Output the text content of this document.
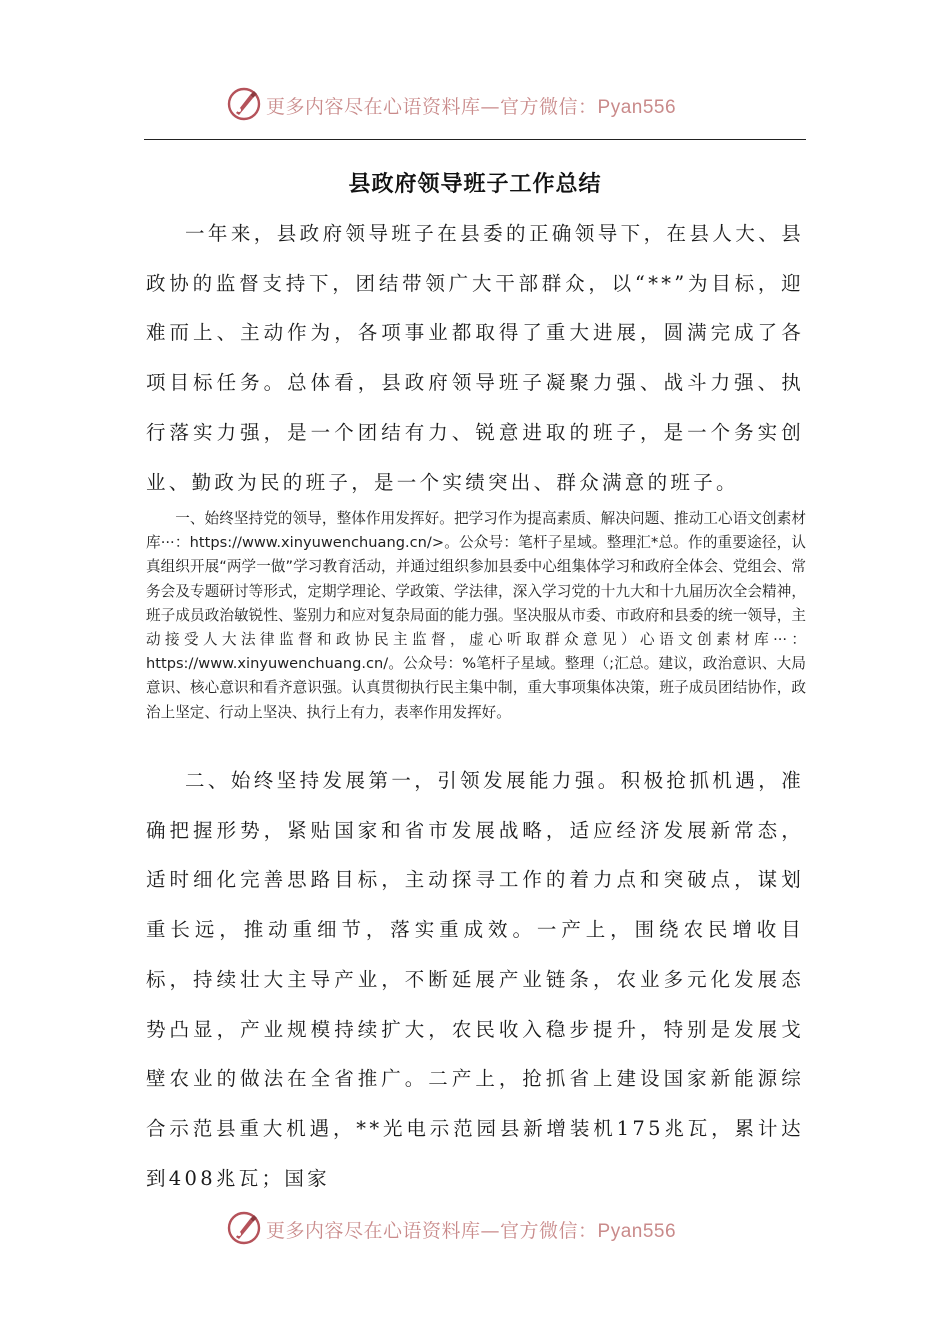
更多内容尽在心语资料库—官方微信：Pyan556
县政府领导班子工作总结

一年来，县政府领导班子在县委的正确领导下，在县人大、县政协的监督支持下，团结带领广大干部群众，以“**”为目标，迎难而上、主动作为，各项事业都取得了重大进展，圆满完成了各项目标任务。总体看，县政府领导班子凝聚力强、战斗力强、执行落实力强，是一个团结有力、锐意进取的班子，是一个务实创业、勤政为民的班子，是一个实绩突出、群众满意的班子。

一、始终坚持党的领导，整体作用发挥好。把学习作为提高素质、解决问题、推动工心语文创素材库···：https://www.xinyuwenchuang.cn/>。公众号：笔杆子星域。整理汇*总。作的重要途径，认真组织开展“两学一做”学习教育活动，并通过组织参加县委中心组集体学习和政府全体会、党组会、常务会及专题研讨等形式，定期学理论、学政策、学法律，深入学习党的十九大和十九届历次全会精神，班子成员政治敏锐性、鉴别力和应对复杂局面的能力强。坚决服从市委、市政府和县委的统一领导，主动接受人大法律监督和政协民主监督，虚心听取群众意见）心语文创素材库···：https://www.xinyuwenchuang.cn/。公众号：%笔杆子星域。整理（;汇总。建议，政治意识、大局意识、核心意识和看齐意识强。认真贯彻执行民主集中制，重大事项集体决策，班子成员团结协作，政治上坚定、行动上坚决、执行上有力，表率作用发挥好。

二、始终坚持发展第一，引领发展能力强。积极抢抓机遇，准确把握形势，紧贴国家和省市发展战略，适应经济发展新常态，适时细化完善思路目标，主动探寻工作的着力点和突破点，谋划重长远，推动重细节，落实重成效。一产上，围绕农民增收目标，持续壮大主导产业，不断延展产业链条，农业多元化发展态势凸显，产业规模持续扩大，农民收入稳步提升，特别是发展戈壁农业的做法在全省推广。二产上，抢抓省上建设国家新能源综合示范县重大机遇，**光电示范园县新增装机175兆瓦，累计达到408兆瓦；国家

更多内容尽在心语资料库—官方微信：Pyan556
